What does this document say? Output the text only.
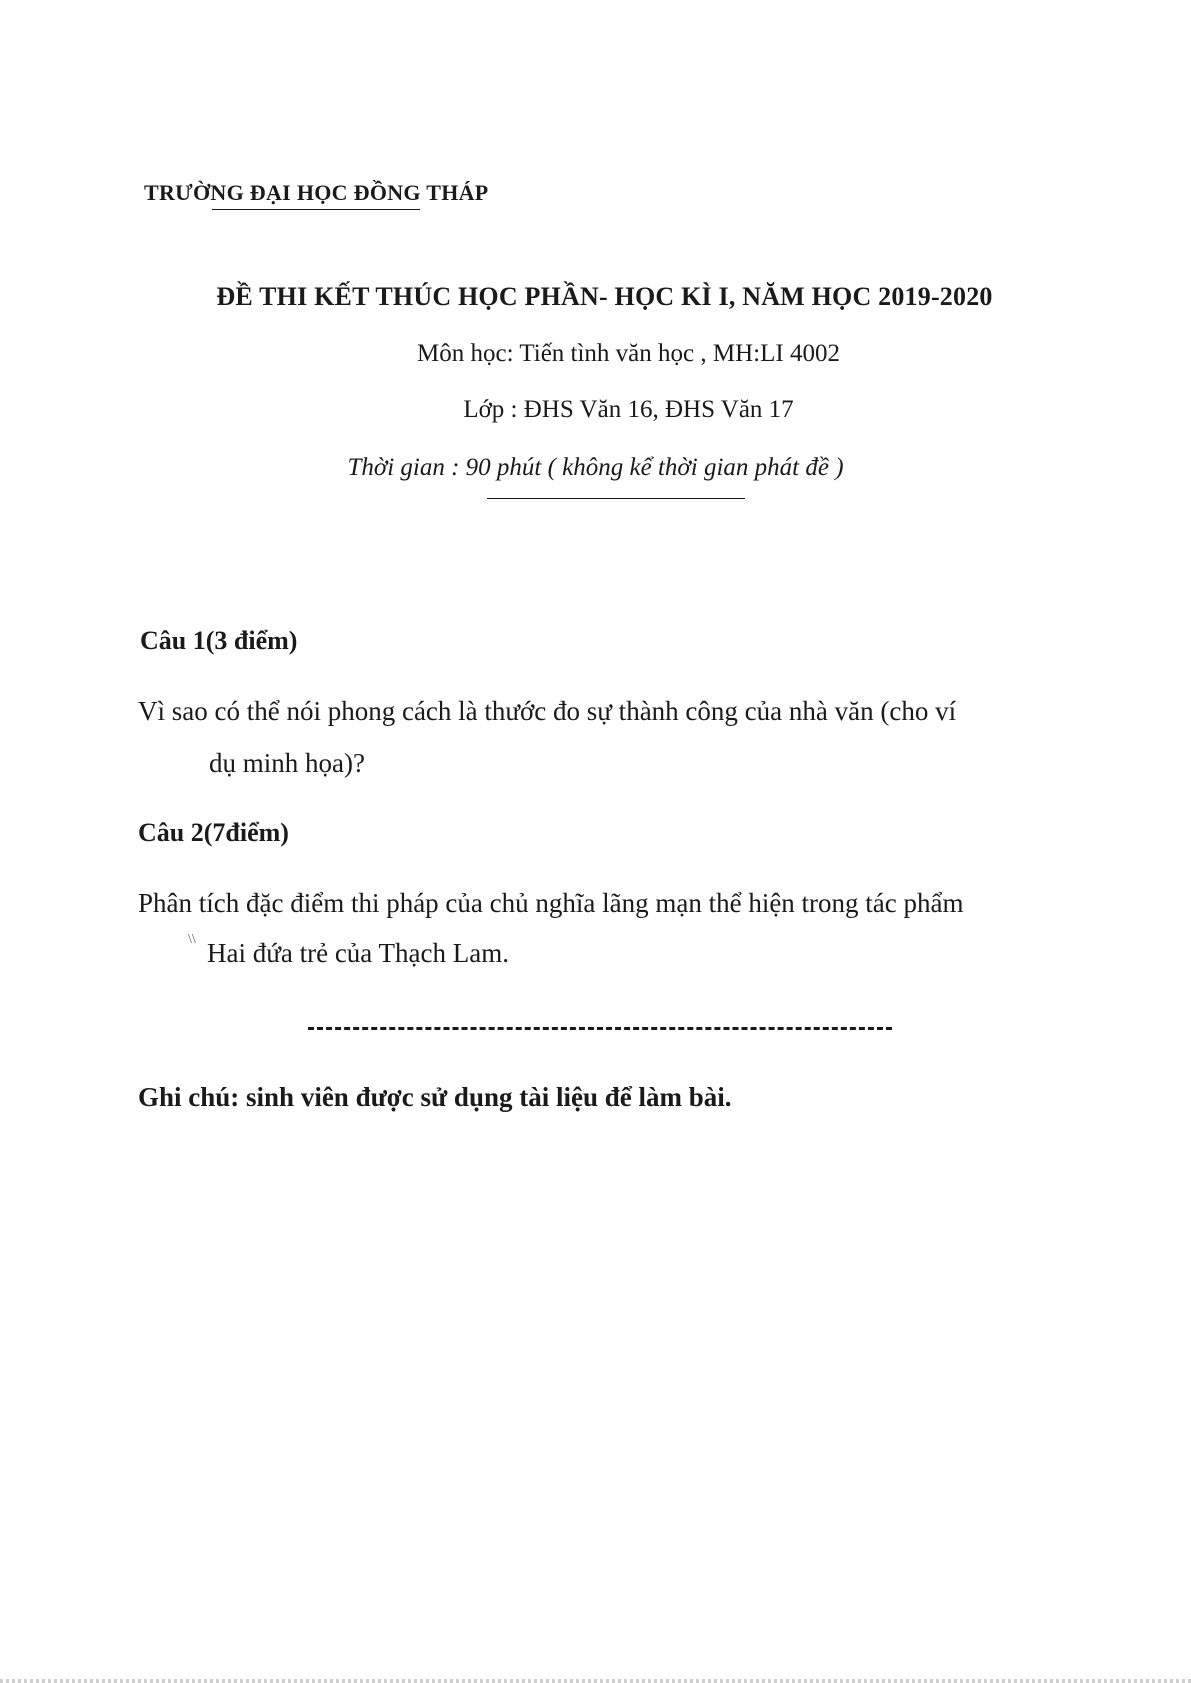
TRƯỜNG ĐẠI HỌC ĐỒNG THÁP
ĐỀ THI KẾT THÚC HỌC PHẦN- HỌC KÌ I, NĂM HỌC 2019-2020
Môn học: Tiến tình văn học , MH:LI 4002
Lớp : ĐHS Văn 16, ĐHS Văn 17
Thời gian : 90 phút ( không kể thời gian phát đề )
Câu 1(3 điểm)
Vì sao có thể nói phong cách là thước đo sự thành công của nhà văn (cho ví
dụ minh họa)?
Câu 2(7điểm)
Phân tích đặc điểm thi pháp của chủ nghĩa lãng mạn thể hiện trong tác phẩm
\\ Hai đứa trẻ của Thạch Lam.
Ghi chú: sinh viên được sử dụng tài liệu để làm bài.
